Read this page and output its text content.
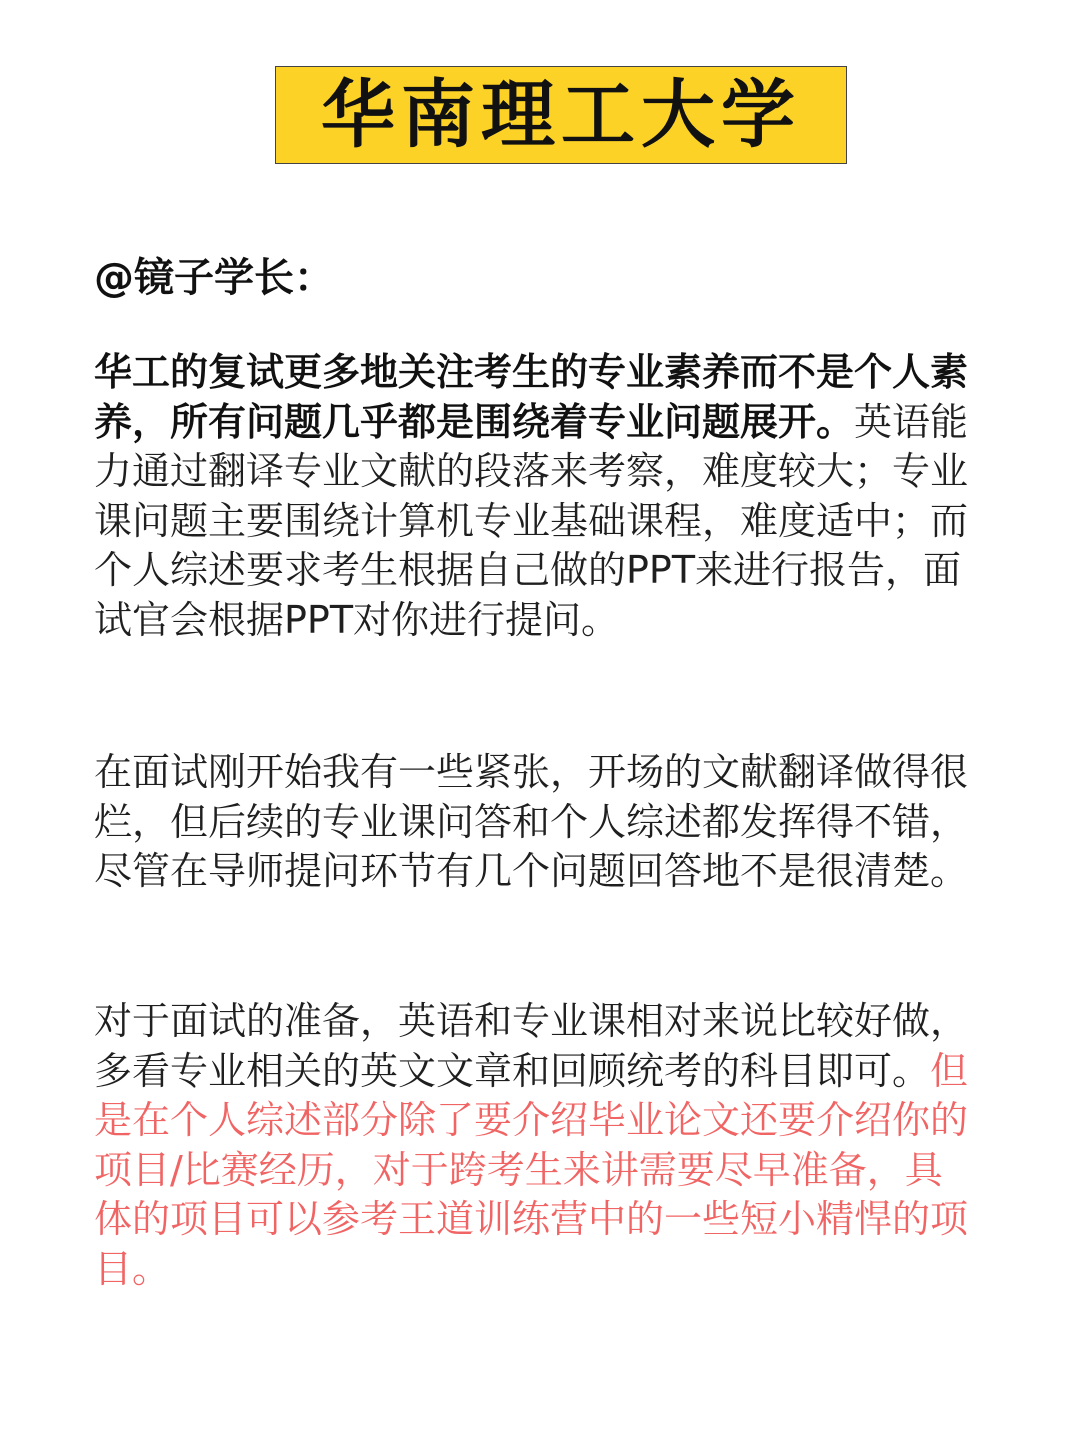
华南理工大学
@镜子学长：

华工的复试更多地关注考生的专业素养而不是个人素养，所有问题几乎都是围绕着专业问题展开。英语能力通过翻译专业文献的段落来考察，难度较大；专业课问题主要围绕计算机专业基础课程，难度适中；而个人综述要求考生根据自己做的PPT来进行报告，面试官会根据PPT对你进行提问。

在面试刚开始我有一些紧张，开场的文献翻译做得很烂，但后续的专业课问答和个人综述都发挥得不错，尽管在导师提问环节有几个问题回答地不是很清楚。

对于面试的准备，英语和专业课相对来说比较好做，多看专业相关的英文文章和回顾统考的科目即可。但是在个人综述部分除了要介绍毕业论文还要介绍你的项目/比赛经历，对于跨考生来讲需要尽早准备，具体的项目可以参考王道训练营中的一些短小精悍的项目。
